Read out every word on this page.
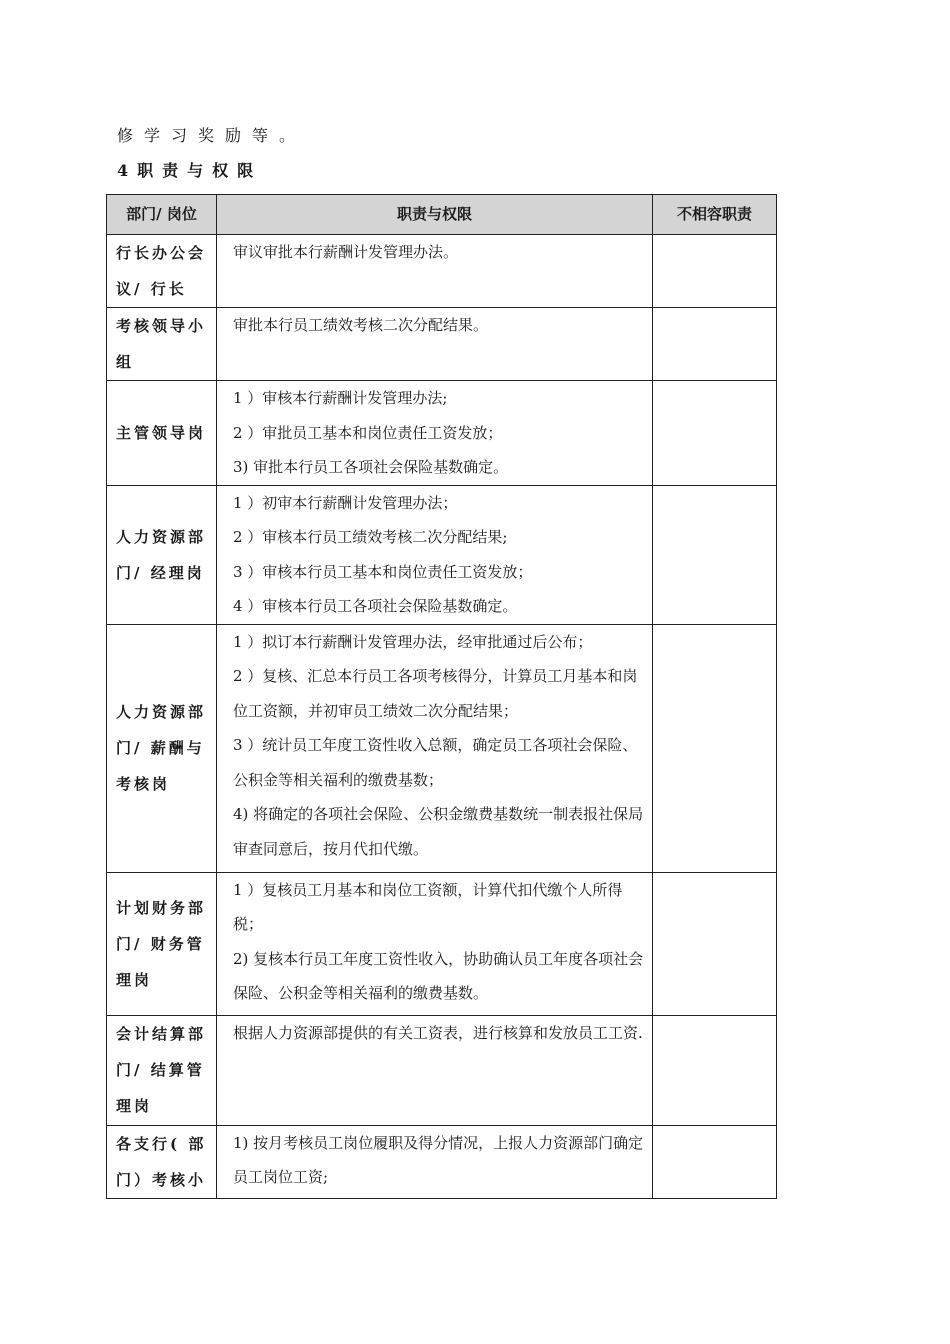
修学习奖励等。

4职责与权限

部门/ 岗位	职责与权限	不相容职责
行长办公会议/ 行长	审议审批本行薪酬计发管理办法。	

考核领导小组	审批本行员工绩效考核二次分配结果。	

主管领导岗	1 ）审核本行薪酬计发管理办法;
2 ）审批员工基本和岗位责任工资发放；
3) 审批本行员工各项社会保险基数确定。	

人力资源部门/ 经理岗	1 ）初审本行薪酬计发管理办法；
2 ）审核本行员工绩效考核二次分配结果;
3 ）审核本行员工基本和岗位责任工资发放；
4 ）审核本行员工各项社会保险基数确定。	

人力资源部门/ 薪酬与考核岗	1 ）拟订本行薪酬计发管理办法，经审批通过后公布；
2 ）复核、汇总本行员工各项考核得分，计算员工月基本和岗位工资额，并初审员工绩效二次分配结果；
3 ）统计员工年度工资性收入总额，确定员工各项社会保险、公积金等相关福利的缴费基数；
4) 将确定的各项社会保险、公积金缴费基数统一制表报社保局审查同意后，按月代扣代缴。	

计划财务部门/ 财务管理岗	1 ）复核员工月基本和岗位工资额，计算代扣代缴个人所得税；
2) 复核本行员工年度工资性收入，协助确认员工年度各项社会保险、公积金等相关福利的缴费基数。	

会计结算部门/ 结算管理岗	根据人力资源部提供的有关工资表，进行核算和发放员工工资.	

各支行( 部门）考核小	1) 按月考核员工岗位履职及得分情况，上报人力资源部门确定员工岗位工资;	
